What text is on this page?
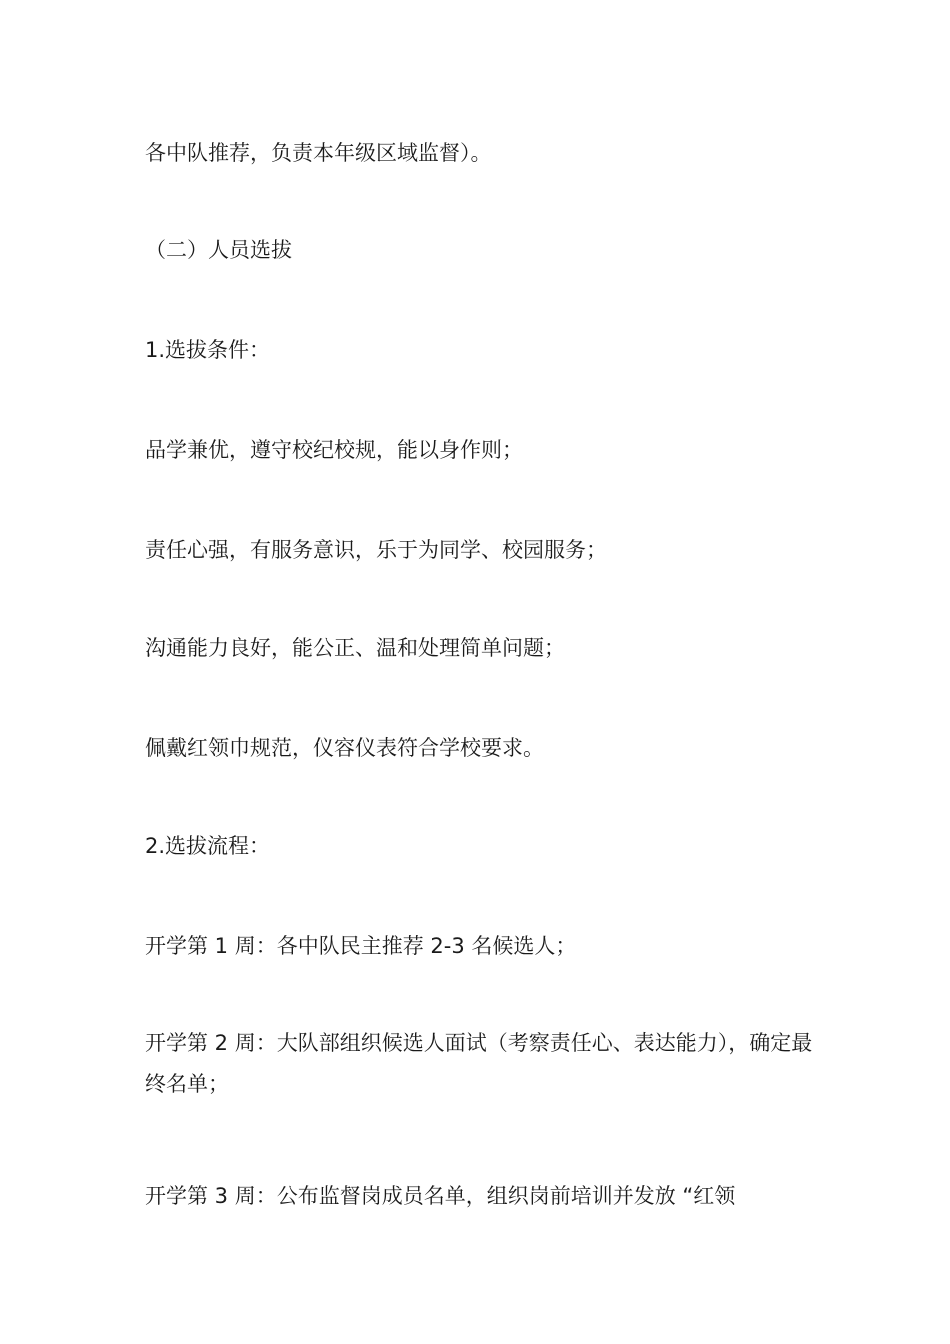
各中队推荐，负责本年级区域监督）。
（二）人员选拔
1.选拔条件：
品学兼优，遵守校纪校规，能以身作则；
责任心强，有服务意识，乐于为同学、校园服务；
沟通能力良好，能公正、温和处理简单问题；
佩戴红领巾规范，仪容仪表符合学校要求。
2.选拔流程：
开学第 1 周：各中队民主推荐 2-3 名候选人；
开学第 2 周：大队部组织候选人面试（考察责任心、表达能力），确定最终名单；
开学第 3 周：公布监督岗成员名单，组织岗前培训并发放 “红领
